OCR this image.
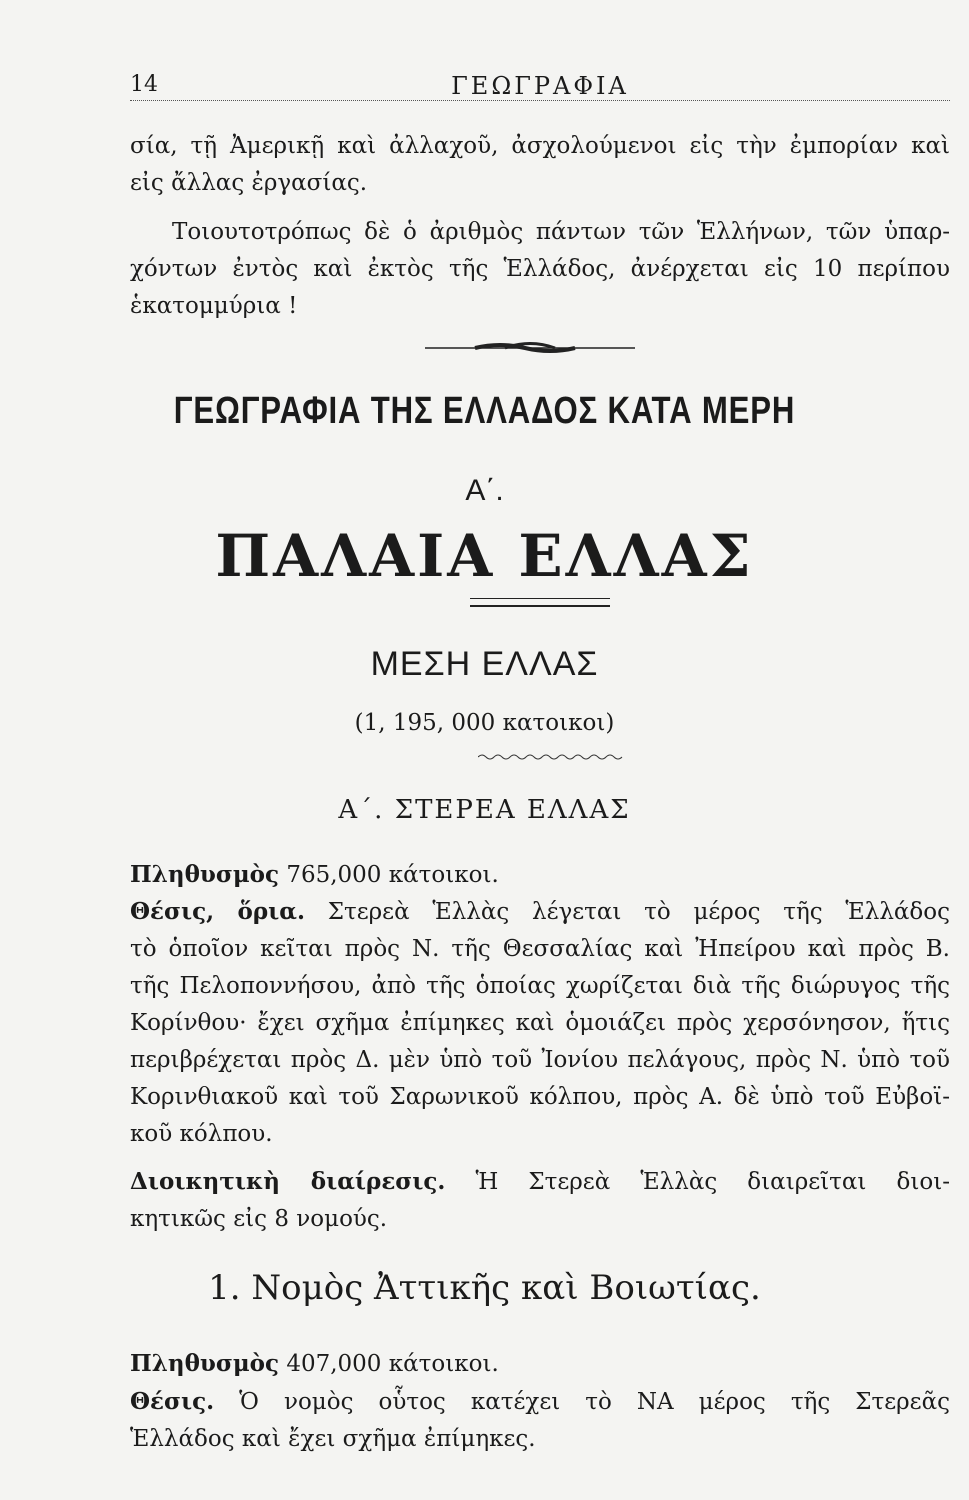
14	ΓΕΩΓΡΑΦΙΑ
σία, τῇ Ἀμερικῇ καὶ ἀλλαχοῦ, ἀσχολούμενοι εἰς τὴν ἐμπορίαν καὶ
εἰς ἄλλας ἐργασίας.
Τοιουτοτρόπως δὲ ὁ ἀριθμὸς πάντων τῶν Ἑλλήνων, τῶν ὑπαρ-
χόντων ἐντὸς καὶ ἐκτὸς τῆς Ἑλλάδος, ἀνέρχεται εἰς 10 περίπου
ἑκατομμύρια !
ΓΕΩΓΡΑΦΙΑ ΤΗΣ ΕΛΛΑΔΟΣ ΚΑΤΑ ΜΕΡΗ
Α΄.
ΠΑΛΑΙΑ ΕΛΛΑΣ
ΜΕΣΗ ΕΛΛΑΣ
(1, 195, 000 κατοικοι)
Α΄. ΣΤΕΡΕΑ ΕΛΛΑΣ
Πληθυσμὸς 765,000 κάτοικοι.
Θέσις, ὅρια. Στερεὰ Ἑλλὰς λέγεται τὸ μέρος τῆς Ἑλλάδος
τὸ ὁποῖον κεῖται πρὸς Ν. τῆς Θεσσαλίας καὶ Ἠπείρου καὶ πρὸς Β.
τῆς Πελοποννήσου, ἀπὸ τῆς ὁποίας χωρίζεται διὰ τῆς διώρυγος τῆς
Κορίνθου· ἔχει σχῆμα ἐπίμηκες καὶ ὁμοιάζει πρὸς χερσόνησον, ἥτις
περιβρέχεται πρὸς Δ. μὲν ὑπὸ τοῦ Ἰονίου πελάγους, πρὸς Ν. ὑπὸ τοῦ
Κορινθιακοῦ καὶ τοῦ Σαρωνικοῦ κόλπου, πρὸς Α. δὲ ὑπὸ τοῦ Εὐβοϊ-
κοῦ κόλπου.
Διοικητικὴ διαίρεσις. Ἡ Στερεὰ Ἑλλὰς διαιρεῖται διοι-
κητικῶς εἰς 8 νομούς.
1. Νομὸς Ἀττικῆς καὶ Βοιωτίας.
Πληθυσμὸς 407,000 κάτοικοι.
Θέσις. Ὁ νομὸς οὗτος κατέχει τὸ ΝΑ μέρος τῆς Στερεᾶς
Ἑλλάδος καὶ ἔχει σχῆμα ἐπίμηκες.
